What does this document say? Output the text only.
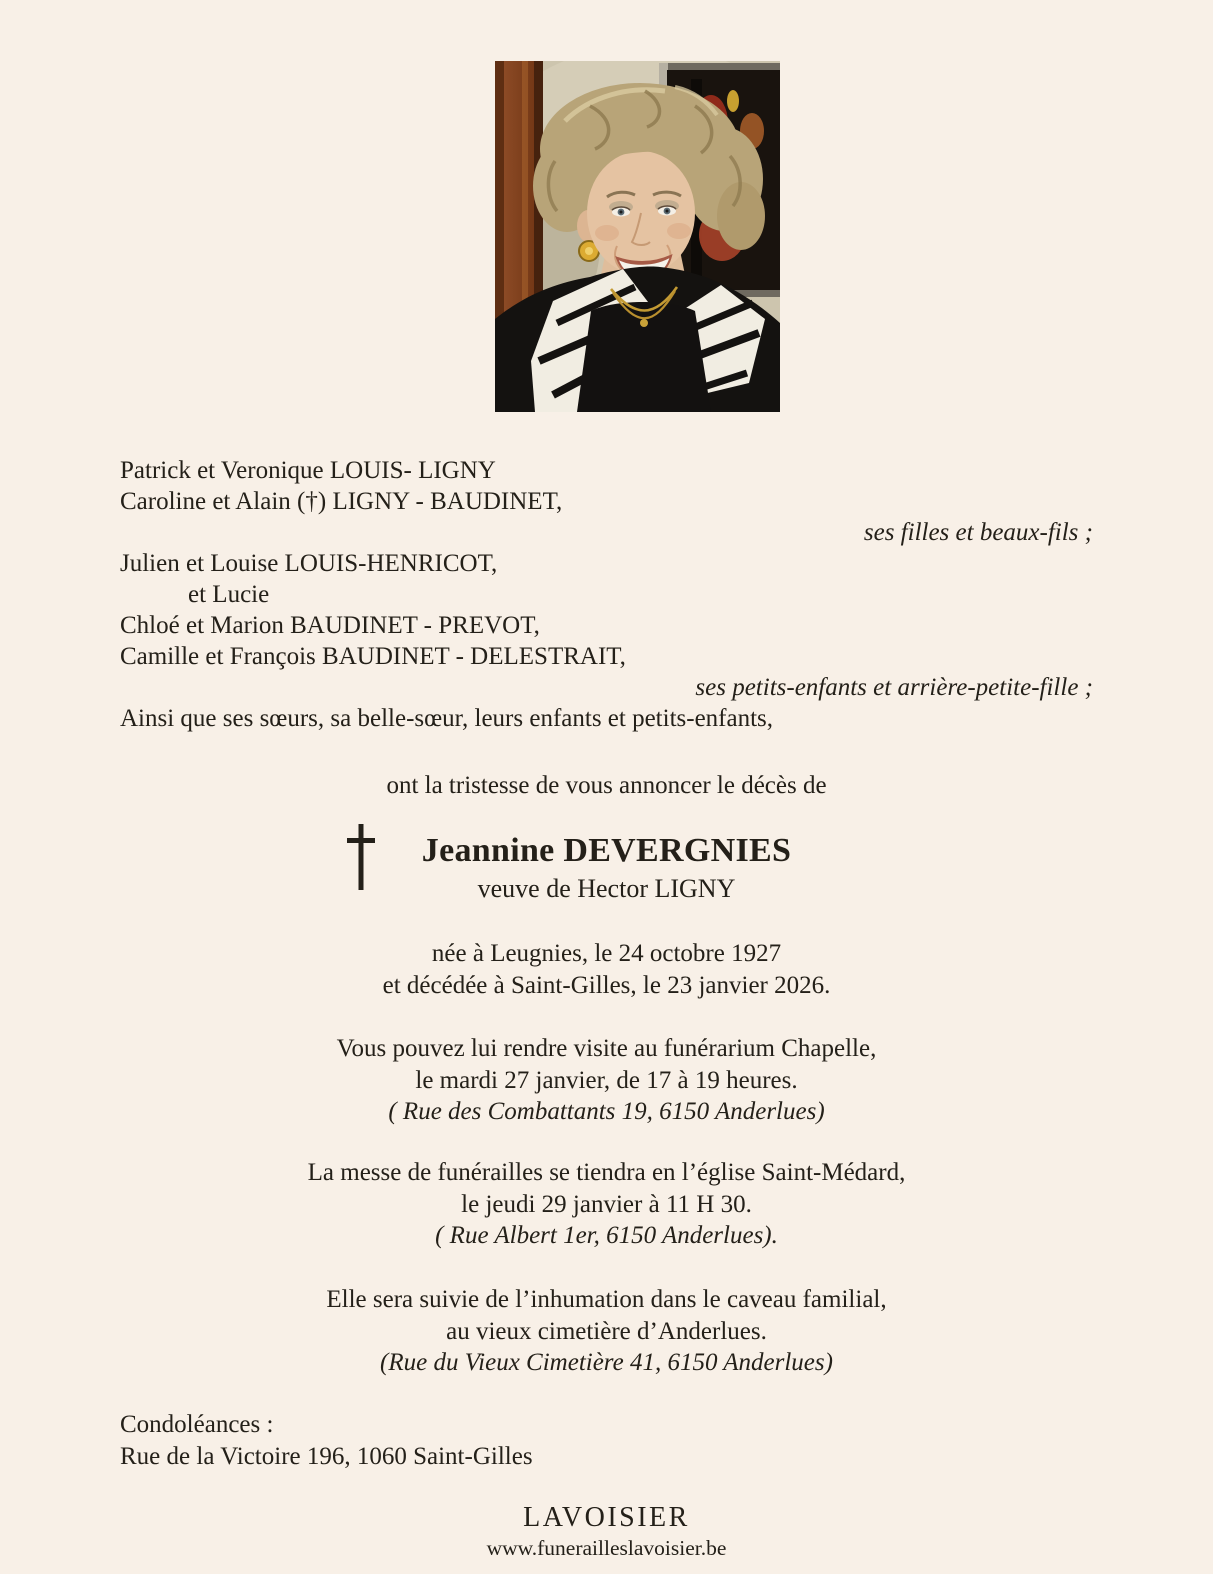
Patrick et Veronique LOUIS- LIGNY
Caroline et Alain (†) LIGNY - BAUDINET,
ses filles et beaux-fils ;
Julien et Louise LOUIS-HENRICOT,
et Lucie
Chloé et Marion BAUDINET - PREVOT,
Camille et François BAUDINET - DELESTRAIT,
ses petits-enfants et arrière-petite-fille ;
Ainsi que ses sœurs, sa belle-sœur, leurs enfants et petits-enfants,
ont la tristesse de vous annoncer le décès de
Jeannine DEVERGNIES
veuve de Hector LIGNY
née à Leugnies, le 24 octobre 1927
et décédée à Saint-Gilles, le 23 janvier 2026.
Vous pouvez lui rendre visite au funérarium Chapelle,
le mardi 27 janvier, de 17 à 19 heures.
( Rue des Combattants 19, 6150 Anderlues)
La messe de funérailles se tiendra en l’église Saint-Médard,
le jeudi 29 janvier à 11 H 30.
( Rue Albert 1er, 6150 Anderlues).
Elle sera suivie de l’inhumation dans le caveau familial,
au vieux cimetière d’Anderlues.
(Rue du Vieux Cimetière 41, 6150 Anderlues)
Condoléances :
Rue de la Victoire 196, 1060 Saint-Gilles
LAVOISIER
www.funerailleslavoisier.be
